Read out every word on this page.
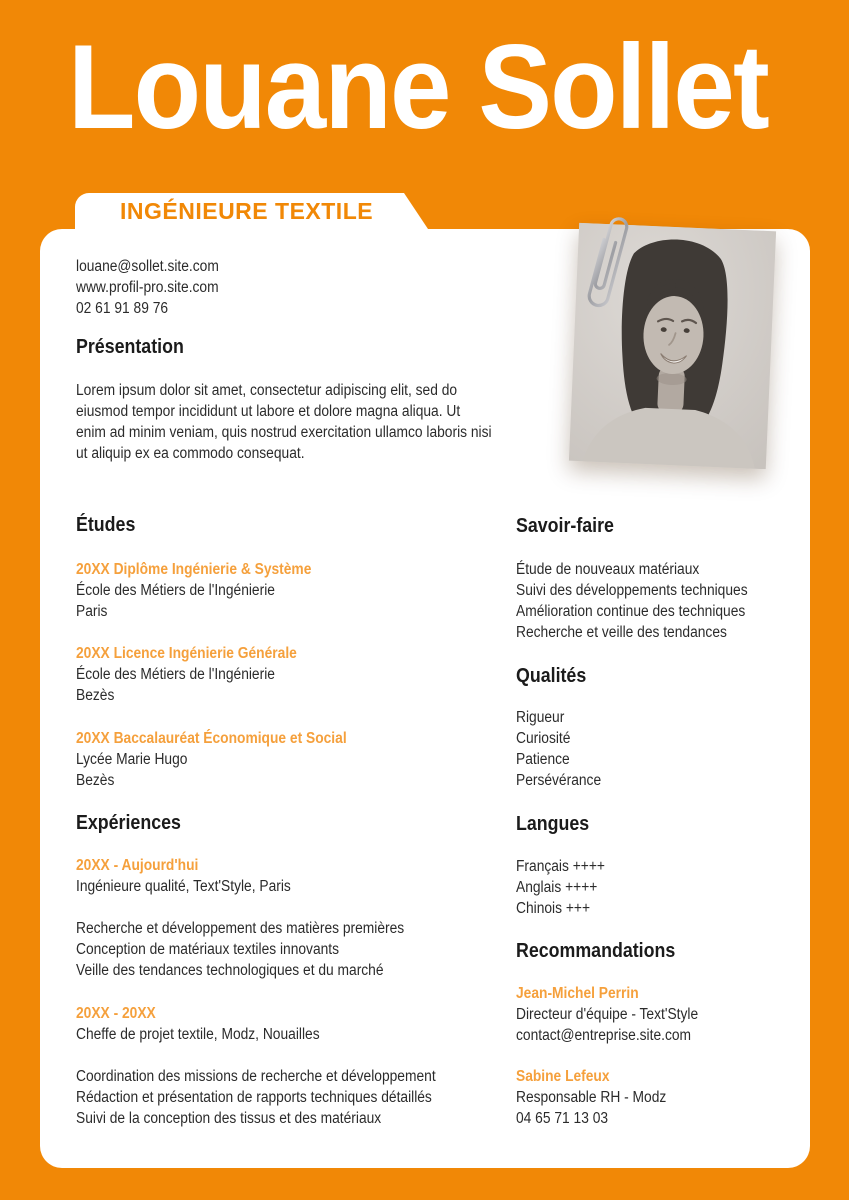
Louane Sollet
INGÉNIEURE TEXTILE
louane@sollet.site.com
www.profil-pro.site.com
02 61 91 89 76
Présentation

Lorem ipsum dolor sit amet, consectetur adipiscing elit, sed do eiusmod tempor incididunt ut labore et dolore magna aliqua. Ut enim ad minim veniam, quis nostrud exercitation ullamco laboris nisi ut aliquip ex ea commodo consequat.

Études
20XX Diplôme Ingénierie & Système
École des Métiers de l'Ingénierie
Paris
20XX Licence Ingénierie Générale
École des Métiers de l'Ingénierie
Bezès
20XX Baccalauréat Économique et Social
Lycée Marie Hugo
Bezès
Expériences
20XX - Aujourd'hui
Ingénieure qualité, Text'Style, Paris
Recherche et développement des matières premières
Conception de matériaux textiles innovants
Veille des tendances technologiques et du marché
20XX - 20XX
Cheffe de projet textile, Modz, Nouailles
Coordination des missions de recherche et développement
Rédaction et présentation de rapports techniques détaillés
Suivi de la conception des tissus et des matériaux
Savoir-faire
Étude de nouveaux matériaux
Suivi des développements techniques
Amélioration continue des techniques
Recherche et veille des tendances
Qualités
Rigueur
Curiosité
Patience
Persévérance
Langues
Français ++++
Anglais ++++
Chinois +++
Recommandations
Jean-Michel Perrin
Directeur d'équipe - Text'Style
contact@entreprise.site.com
Sabine Lefeux
Responsable RH - Modz
04 65 71 13 03
